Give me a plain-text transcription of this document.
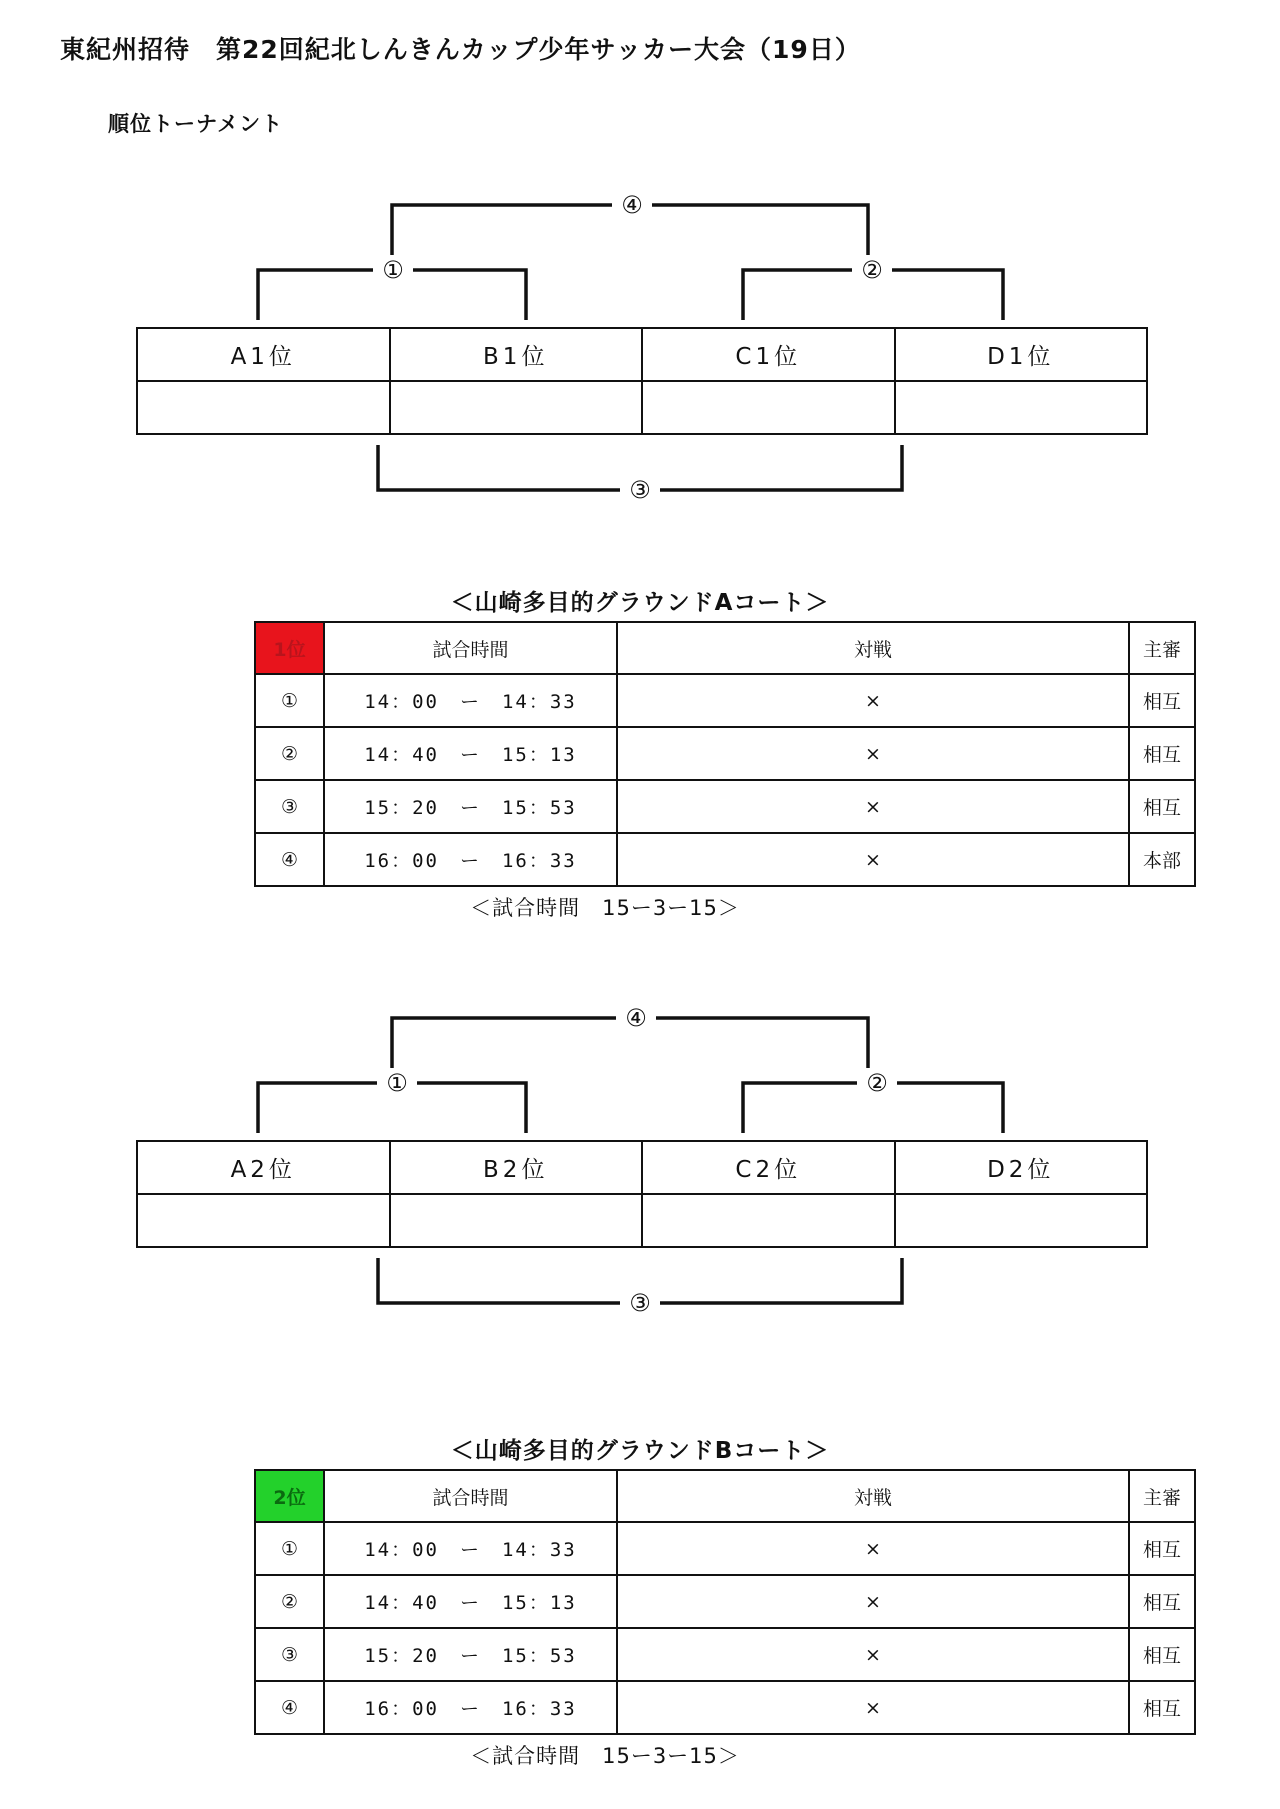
東紀州招待　第22回紀北しんきんカップ少年サッカー大会（19日）
順位トーナメント
④
①	②
③
A1位	B1位	C1位	D1位

＜山崎多目的グラウンドAコート＞
1位	試合時間	対戦	主審
①	14：00　ー　14：33	×	相互
②	14：40　ー　15：13	×	相互
③	15：20　ー　15：53	×	相互
④	16：00　ー　16：33	×	本部
＜試合時間　15ー3ー15＞
④
①	②
③
A2位	B2位	C2位	D2位

＜山崎多目的グラウンドBコート＞
2位	試合時間	対戦	主審
①	14：00　ー　14：33	×	相互
②	14：40　ー　15：13	×	相互
③	15：20　ー　15：53	×	相互
④	16：00　ー　16：33	×	相互
＜試合時間　15ー3ー15＞
